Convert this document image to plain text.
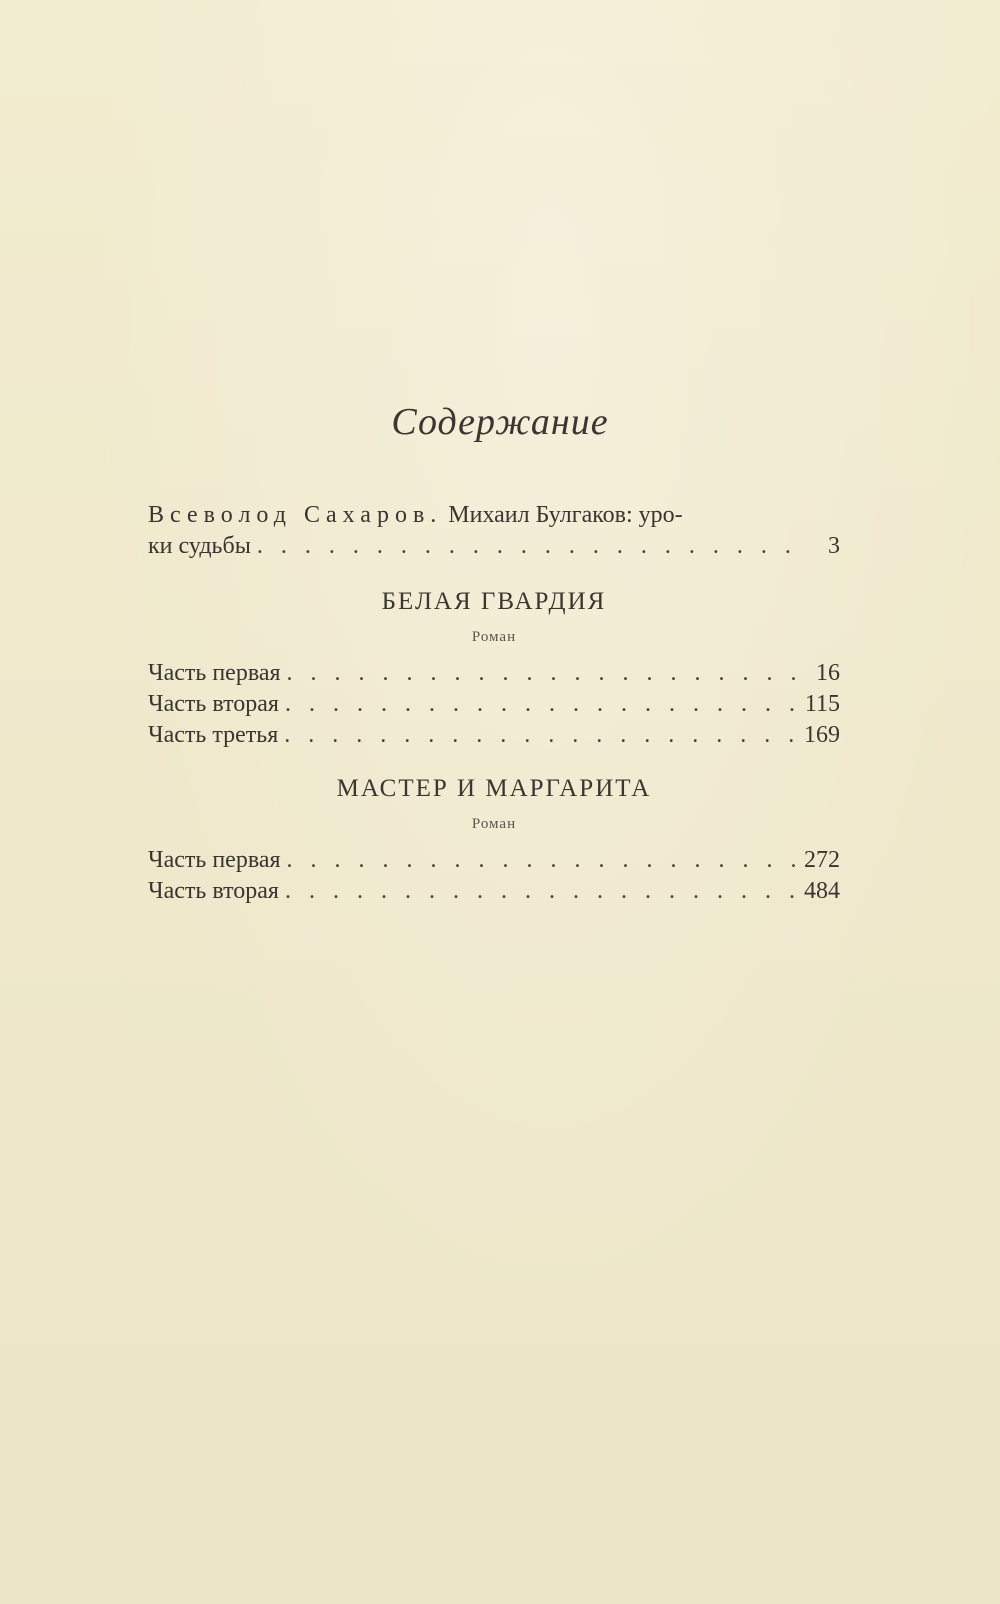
Содержание
Всеволод Сахаров. Михаил Булгаков: уро-
ки судьбы . . .	3
БЕЛАЯ ГВАРДИЯ
Роман
Часть первая . . .	16
Часть вторая . . .	115
Часть третья . . .	169
МАСТЕР И МАРГАРИТА
Роман
Часть первая . . .	272
Часть вторая . . .	484
